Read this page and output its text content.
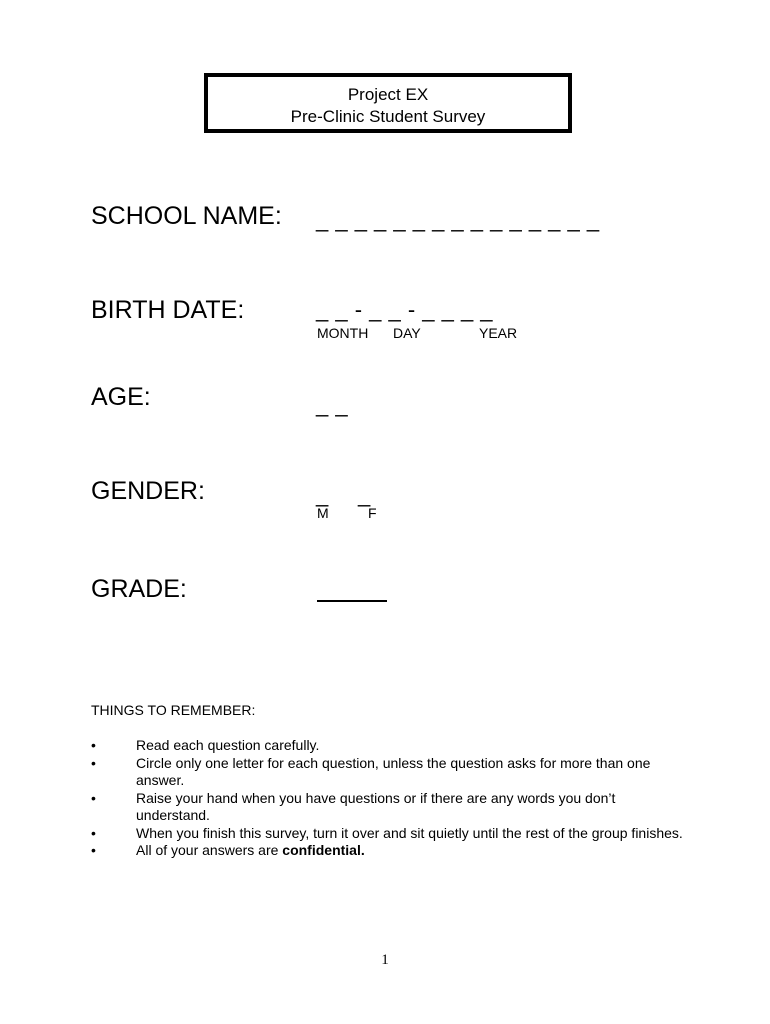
Project EX
Pre-Clinic Student Survey
SCHOOL NAME: _ _ _ _ _ _ _ _ _ _ _ _ _ _ _
BIRTH DATE:	_ _ - _ _ - _ _ _ _
MONTH DAY	YEAR
AGE:	_ _
GENDER:	_ _
M	F
GRADE:
THINGS TO REMEMBER:
•	Read each question carefully.
•	Circle only one letter for each question, unless the question asks for more than one answer.
•	Raise your hand when you have questions or if there are any words you don’t understand.
•	When you finish this survey, turn it over and sit quietly until the rest of the group finishes.
•	All of your answers are confidential.
1
